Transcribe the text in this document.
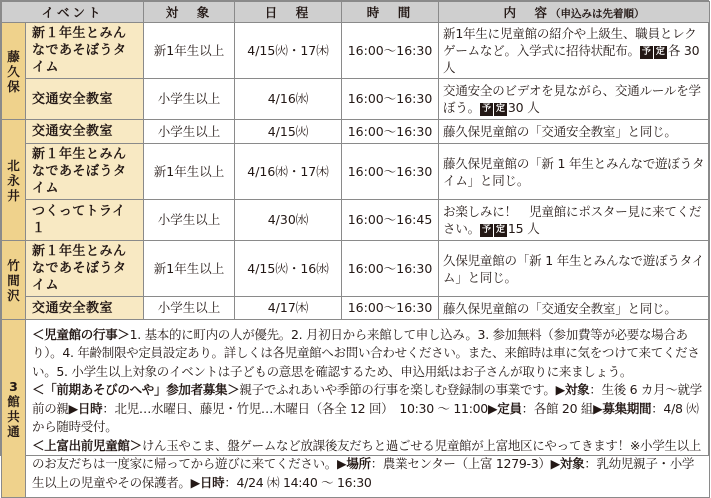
イベント		対　象	日　程	時　間	内　容（申込みは先着順）
藤久保	新１年生とみんなであそぼうタイム	新1年生以上	4/15㈫・17㈭	16:00～16:30	新1年生に児童館の紹介や上級生、職員とレクゲームなど。入学式に招待状配布。 予 定 各 30 人
	交通安全教室	小学生以上	4/16㈬	16:00～16:30	交通安全のビデオを見ながら、交通ルールを学ぼう。 予 定 30 人
北永井	交通安全教室	小学生以上	4/15㈫	16:00～16:30	藤久保児童館の「交通安全教室」と同じ。
	新１年生とみんなであそぼうタイム	新1年生以上	4/16㈬・17㈭	16:00～16:30	藤久保児童館の「新 1 年生とみんなで遊ぼうタイム」と同じ。
	つくってトライ１	小学生以上	4/30㈬	16:00～16:45	お楽しみに！　児童館にポスター見に来てください。 予 定 15 人
竹間沢	新１年生とみんなであそぼうタイム	新1年生以上	4/15㈫・16㈬	16:00～16:30	久保児童館の「新 1 年生とみんなで遊ぼうタイム」と同じ。
	交通安全教室	小学生以上	4/17㈭	16:00～16:30	藤久保児童館の「交通安全教室」と同じ。
3館共通	＜児童館の行事＞1. 基本的に町内の人が優先。2. 月初日から来館して申し込み。3. 参加無料（参加費等が必要な場合あり）。4. 年齢制限や定員設定あり。詳しくは各児童館へお問い合わせください。また、来館時は車に気をつけて来てください。5. 小学生以上対象のイベントは子どもの意思を確認するため、申込用紙はお子さんが取りに来ましょう。

＜「前期あそびのへや」参加者募集＞親子でふれあいや季節の行事を楽しむ登録制の事業です。▶対象：生後 6 カ月～就学前の親▶日時：北児…水曜日、藤児・竹児…木曜日（各全 12 回）　10:30 ～ 11:00▶定員：各館 20 組▶募集期間：4/8 ㈫から随時受付。

＜上富出前児童館＞けん玉やこま、盤ゲームなど放課後友だちと過ごせる児童館が上富地区にやってきます！※小学生以上のお友だちは一度家に帰ってから遊びに来てください。▶場所：農業センター（上富 1279-3）▶対象：乳幼児親子・小学生以上の児童やその保護者。▶日時：4/24 ㈭ 14:40 ～ 16:30				
